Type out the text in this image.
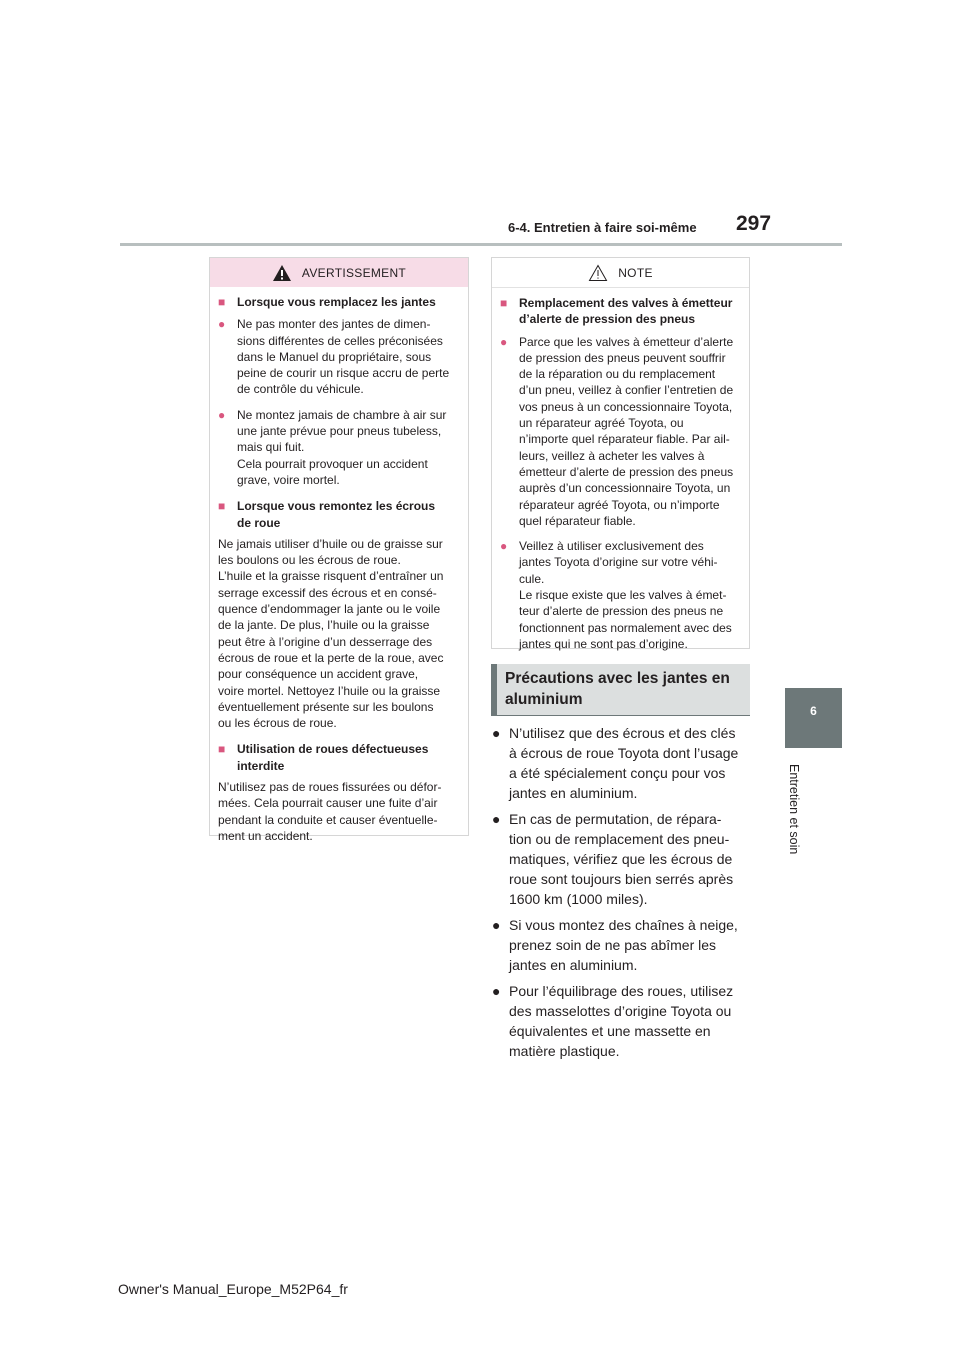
6-4. Entretien à faire soi-même 297
6
Entretien et soin
AVERTISSEMENT
■ Lorsque vous remplacez les jantes
● Ne pas monter des jantes de dimen-
sions différentes de celles préconisées
dans le Manuel du propriétaire, sous
peine de courir un risque accru de perte
de contrôle du véhicule.
● Ne montez jamais de chambre à air sur
une jante prévue pour pneus tubeless,
mais qui fuit.
Cela pourrait provoquer un accident
grave, voire mortel.
■ Lorsque vous remontez les écrous
de roue
Ne jamais utiliser d’huile ou de graisse sur
les boulons ou les écrous de roue.
L’huile et la graisse risquent d’entraîner un
serrage excessif des écrous et en consé-
quence d’endommager la jante ou le voile
de la jante. De plus, l’huile ou la graisse
peut être à l’origine d’un desserrage des
écrous de roue et la perte de la roue, avec
pour conséquence un accident grave,
voire mortel. Nettoyez l’huile ou la graisse
éventuellement présente sur les boulons
ou les écrous de roue.
■ Utilisation de roues défectueuses
interdite
N’utilisez pas de roues fissurées ou défor-
mées. Cela pourrait causer une fuite d’air
pendant la conduite et causer éventuelle-
ment un accident.
NOTE
■ Remplacement des valves à émetteur
d’alerte de pression des pneus
● Parce que les valves à émetteur d’alerte
de pression des pneus peuvent souffrir
de la réparation ou du remplacement
d’un pneu, veillez à confier l’entretien de
vos pneus à un concessionnaire Toyota,
un réparateur agréé Toyota, ou
n’importe quel réparateur fiable. Par ail-
leurs, veillez à acheter les valves à
émetteur d’alerte de pression des pneus
auprès d’un concessionnaire Toyota, un
réparateur agréé Toyota, ou n’importe
quel réparateur fiable.
● Veillez à utiliser exclusivement des
jantes Toyota d’origine sur votre véhi-
cule.
Le risque existe que les valves à émet-
teur d’alerte de pression des pneus ne
fonctionnent pas normalement avec des
jantes qui ne sont pas d’origine.
Précautions avec les jantes en
aluminium
● N’utilisez que des écrous et des clés
à écrous de roue Toyota dont l’usage
a été spécialement conçu pour vos
jantes en aluminium.
● En cas de permutation, de répara-
tion ou de remplacement des pneu-
matiques, vérifiez que les écrous de
roue sont toujours bien serrés après
1600 km (1000 miles).
● Si vous montez des chaînes à neige,
prenez soin de ne pas abîmer les
jantes en aluminium.
● Pour l’équilibrage des roues, utilisez
des masselottes d’origine Toyota ou
équivalentes et une massette en
matière plastique.
Owner's Manual_Europe_M52P64_fr
